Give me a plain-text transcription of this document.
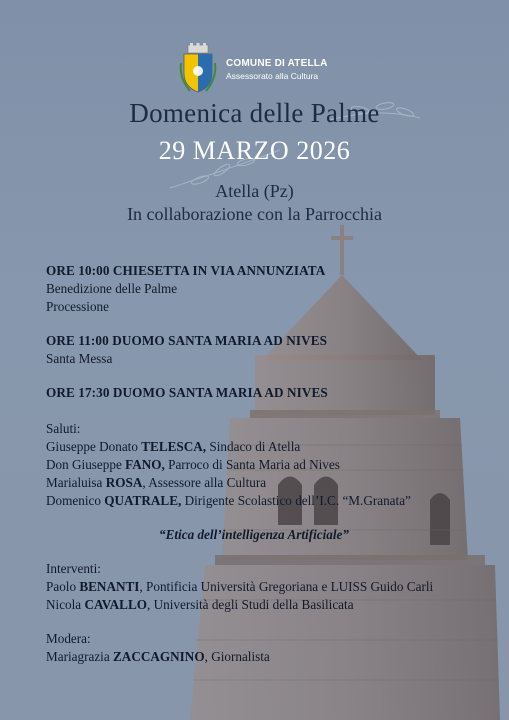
COMUNE DI ATELLA
Assessorato alla Cultura
Domenica delle Palme
29 MARZO 2026
Atella (Pz)
In collaborazione con la Parrocchia
ORE 10:00 CHIESETTA IN VIA ANNUNZIATA
Benedizione delle Palme
Processione
ORE 11:00 DUOMO SANTA MARIA AD NIVES
Santa Messa
ORE 17:30 DUOMO SANTA MARIA AD NIVES
Saluti:
Giuseppe Donato TELESCA, Sindaco di Atella
Don Giuseppe FANO, Parroco di Santa Maria ad Nives
Marialuisa ROSA, Assessore alla Cultura
Domenico QUATRALE, Dirigente Scolastico dell’I.C. “M.Granata”
“Etica dell’intelligenza Artificiale”
Interventi:
Paolo BENANTI, Pontificia Università Gregoriana e LUISS Guido Carli
Nicola CAVALLO, Università degli Studi della Basilicata
Modera:
Mariagrazia ZACCAGNINO, Giornalista
